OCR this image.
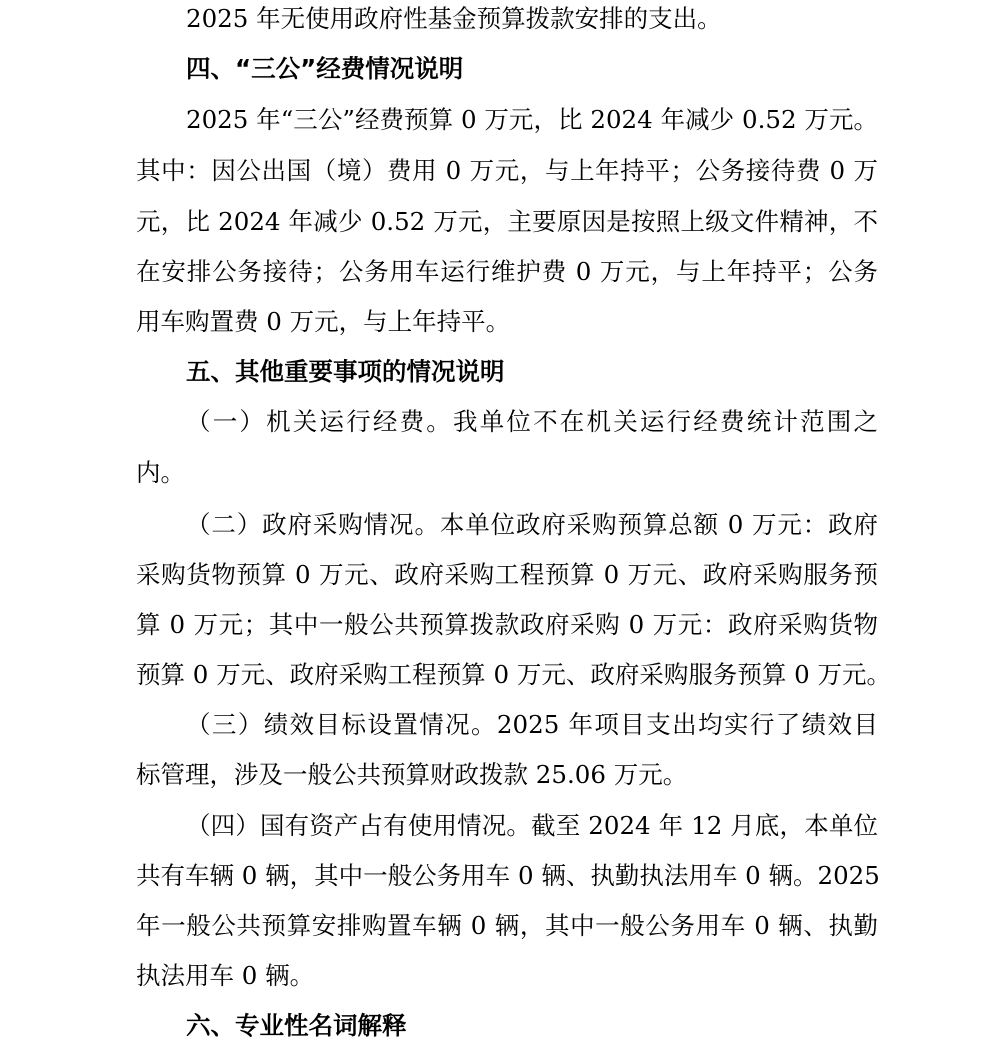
2025 年无使用政府性基金预算拨款安排的支出。
四、“三公”经费情况说明
2025 年“三公”经费预算 0 万元，比 2024 年减少 0.52 万元。
其中：因公出国（境）费用 0 万元，与上年持平；公务接待费 0 万
元，比 2024 年减少 0.52 万元，主要原因是按照上级文件精神，不
在安排公务接待；公务用车运行维护费 0 万元，与上年持平；公务
用车购置费 0 万元，与上年持平。
五、其他重要事项的情况说明
（一）机关运行经费。我单位不在机关运行经费统计范围之
内。
（二）政府采购情况。本单位政府采购预算总额 0 万元：政府
采购货物预算 0 万元、政府采购工程预算 0 万元、政府采购服务预
算 0 万元；其中一般公共预算拨款政府采购 0 万元：政府采购货物
预算 0 万元、政府采购工程预算 0 万元、政府采购服务预算 0 万元。
（三）绩效目标设置情况。2025 年项目支出均实行了绩效目
标管理，涉及一般公共预算财政拨款 25.06 万元。
（四）国有资产占有使用情况。截至 2024 年 12 月底，本单位
共有车辆 0 辆，其中一般公务用车 0 辆、执勤执法用车 0 辆。2025
年一般公共预算安排购置车辆 0 辆，其中一般公务用车 0 辆、执勤
执法用车 0 辆。
六、专业性名词解释
